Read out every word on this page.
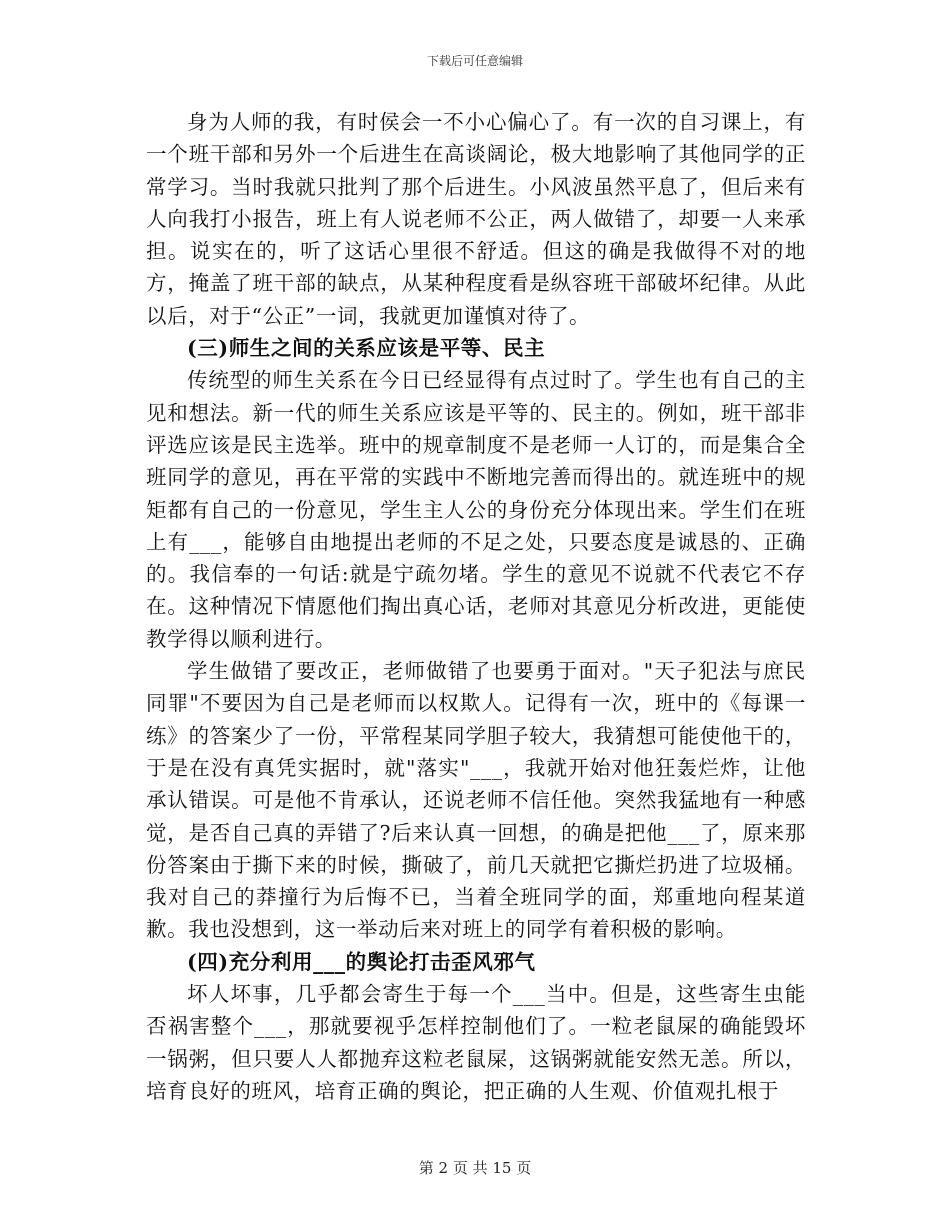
下载后可任意编辑

身为人师的我，有时侯会一不小心偏心了。有一次的自习课上，有一个班干部和另外一个后进生在高谈阔论，极大地影响了其他同学的正常学习。当时我就只批判了那个后进生。小风波虽然平息了，但后来有人向我打小报告，班上有人说老师不公正，两人做错了，却要一人来承担。说实在的，听了这话心里很不舒适。但这的确是我做得不对的地方，掩盖了班干部的缺点，从某种程度看是纵容班干部破坏纪律。从此以后，对于“公正”一词，我就更加谨慎对待了。

(三)师生之间的关系应该是平等、民主

传统型的师生关系在今日已经显得有点过时了。学生也有自己的主见和想法。新一代的师生关系应该是平等的、民主的。例如，班干部非评选应该是民主选举。班中的规章制度不是老师一人订的，而是集合全班同学的意见，再在平常的实践中不断地完善而得出的。就连班中的规矩都有自己的一份意见，学生主人公的身份充分体现出来。学生们在班上有___，能够自由地提出老师的不足之处，只要态度是诚恳的、正确的。我信奉的一句话:就是宁疏勿堵。学生的意见不说就不代表它不存在。这种情况下情愿他们掏出真心话，老师对其意见分析改进，更能使教学得以顺利进行。

学生做错了要改正，老师做错了也要勇于面对。"天子犯法与庶民同罪"不要因为自己是老师而以权欺人。记得有一次，班中的《每课一练》的答案少了一份，平常程某同学胆子较大，我猜想可能使他干的，于是在没有真凭实据时，就"落实"___，我就开始对他狂轰烂炸，让他承认错误。可是他不肯承认，还说老师不信任他。突然我猛地有一种感觉，是否自己真的弄错了?后来认真一回想，的确是把他___了，原来那份答案由于撕下来的时候，撕破了，前几天就把它撕烂扔进了垃圾桶。我对自己的莽撞行为后悔不已，当着全班同学的面，郑重地向程某道歉。我也没想到，这一举动后来对班上的同学有着积极的影响。

(四)充分利用___的舆论打击歪风邪气

坏人坏事，几乎都会寄生于每一个___当中。但是，这些寄生虫能否祸害整个___，那就要视乎怎样控制他们了。一粒老鼠屎的确能毁坏一锅粥，但只要人人都抛弃这粒老鼠屎，这锅粥就能安然无恙。所以，培育良好的班风，培育正确的舆论，把正确的人生观、价值观扎根于

第 2 页 共 15 页
